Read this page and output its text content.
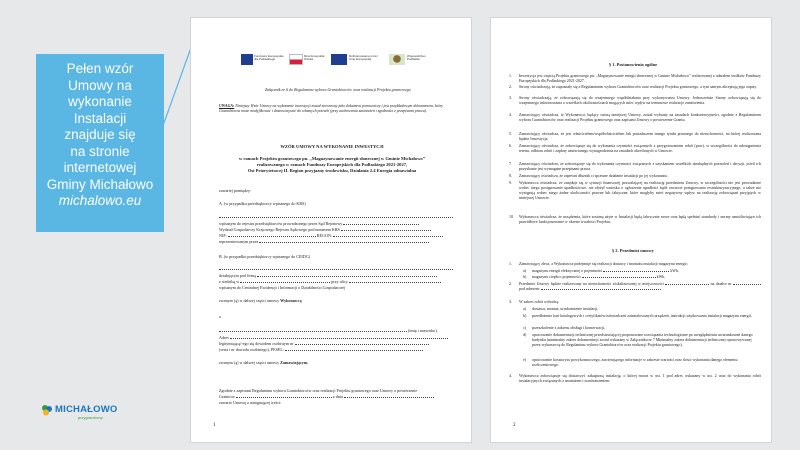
Pełen wzór
Umowy na
wykonanie
Instalacji
znajduje się
na stronie
internetowej
Gminy Michałowo
michalowo.eu
MICHAŁOWO
przygraniczny
Fundusze Europejskie dla Podlaskiego
Rzeczpospolita Polska
Dofinansowane przez Unię Europejską
Województwo Podlaskie
Załącznik nr 6 do Regulaminu wyboru Grantobiorców oraz realizacji Projektu grantowego
UWAGA: Niniejszy Wzór Umowy na wykonanie inwestycji został stworzony jako dokument pomocniczy i jest przykładowym dokumentem, który Grantobiorca może modyfikować i dostosowywać do własnych potrzeb (przy zachowaniu zastrzeżeń i zgodności z przepisami prawa).
WZÓR UMOWY NA WYKONANIE INWESTYCJI
w ramach Projektu grantowego pn. „Magazynowanie energii słonecznej w Gminie Michałowo”
realizowanego w ramach Funduszy Europejskich dla Podlaskiego 2021-2027,
Osi Priorytetowej II. Region przyjazny środowisku, Działania 2.4 Energia odnawialna
zawartej pomiędzy:
A. (w przypadku przedsiębiorcy wpisanego do KRS)
wpisanym do rejestru przedsiębiorców prowadzonego przez Sąd Rejonowy
Wydział Gospodarczy Krajowego Rejestru Sądowego pod numerem KRS
NIP:	REGON:
reprezentowanym przez
B. (w przypadku przedsiębiorcy wpisanego do CEIDG)
działającym pod firmą
z siedzibą w	przy ulicy
wpisanym do Centralnej Ewidencji i Informacji o Działalności Gospodarczej
zwanym (ą) w dalszej części umowy Wykonawcą
a
(imię i nazwisko),
Adres
legitymującą/-ego się dowodem osobistym nr
(seria i nr dowodu osobistego), PESEL:
zwanym (ą) w dalszej części umowy Zamawiającym.
Zgodnie z zapisami Regulaminu wyboru Grantobiorców oraz realizacji Projektu grantowego oraz Umowy o powierzenie
Grantu nr	z dnia
zawarto Umowę o następującej treści:
1
§ 1. Postanowienia ogólne
1.	Inwestycja jest częścią Projektu grantowego pn. „Magazynowanie energii słonecznej w Gminie Michałowo” realizowanej z udziałem środków Funduszy Europejskich dla Podlaskiego 2021-2027.
2.	Strony oświadczają, że zapoznały się z Regulaminem wyboru Grantobiorców oraz realizacji Projektu grantowego, a tym samym akceptują jego zapisy.
3.	Strony oświadczają, że zobowiązują się do wzajemnego współdziałania przy wykonywaniu Umowy. Jednocześnie Strony zobowiązują się do wzajemnego informowania o wszelkich okolicznościach mogących mieć wpływ na terminowe realizacje zamówienia.
4.	Zamawiający oświadcza, iż Wykonawca, będący stroną niniejszej Umowy, został wybrany na zasadach konkurencyjności, zgodnie z Regulaminem wyboru Grantobiorców oraz realizacji Projektu grantowego oraz zapisami Umowy o powierzenie Grantu.
5.	Zamawiający oświadcza, że jest właścicielem/współwłaścicielem lub posiadaczem innego tytułu prawnego do nieruchomości, na której realizowana będzie Inwestycja.
6.	Zamawiający oświadcza, że zobowiązuje się do wykonania czynności związanych z przygotowaniem robót (prac), w szczególności do udostępnienia terenu, odbioru robót i zapłaty umówionego wynagrodzenia na zasadach określonych w Umowie.
7.	Zamawiający oświadcza, że zobowiązuje się do wykonania czynności związanych z uzyskaniem wszelkich niezbędnych pozwoleń i decyzji, jeżeli ich pozyskanie jest wymagane przepisami prawa.
8.	Zamawiający oświadcza, że zapewni dłużnik ci sprawne działanie instalacji po jej wykonaniu.
9.	Wykonawca oświadcza, że znajduje się w sytuacji finansowej pozwalającej na realizację przedmiotu Umowy, w szczególności nie jest prowadzone wobec niego postępowanie upadłościowe, nie złożył wniosku o ogłoszenie upadłości bądź otwarcie postępowania restrukturyzacyjnego, a także nie występują wobec niego żadne okoliczności prawne lub faktyczne, które mogłyby mieć negatywny wpływ na realizację zobowiązań przyjętych w niniejszej Umowie.
10.	Wykonawca oświadcza, że urządzenia, które zostaną użyte w Instalacji będą fabrycznie nowe oraz będą spełniać standardy i normy umożliwiające ich prawidłowe funkcjonowanie w okresie trwałości Projektu.
§ 2. Przedmiot umowy
1.	Zamawiający zleca, a Wykonawca podejmuje się realizacji dostawy i montażu instalacji magazynu energii:
a) magazynu energii elektrycznej o pojemności	kWh,
b) magazynu ciepła o pojemności	kWh,
2.	Przedmiot Umowy będzie realizowany na nieruchomości zlokalizowanej w miejscowości	na działce nr  pod adresem:
3.	W zakres robót wchodzą:
a) dostawa, montaż, uruchomienie instalacji,
b) przedłożenie kart katalogowych i certyfikatów/zaświadczeń zainstalowanych urządzeń, instrukcji użytkowania instalacji magazynu energii,
c) przeszkolenie z zakresu obsługi i konserwacji,
d) opracowanie dokumentacji technicznej przedstawiającej proponowane rozwiązania technologiczne po uwzględnieniu uwarunkowań danego budynku (minimalny zakres dokumentacji został wskazany w Załączniku nr 7 Minimalny zakres dokumentacji technicznej opracowywanej przez wykonawcę do Regulaminu wyboru Grantobiorców oraz realizacji Projektu grantowego),
e) opracowanie kosztorysu powykonawczego, zawierającego informacje w zakresie wartości oraz ilości wykonania danego elementu rozliczeniowego.
4.	Wykonawca zobowiązuje się dostarczyć zakupioną instalację, o której mowa w ust. 1 pod adres wskazany w ust. 2 oraz do wykonania robót instalacyjnych związanych z montażem i uruchomieniem.
2
